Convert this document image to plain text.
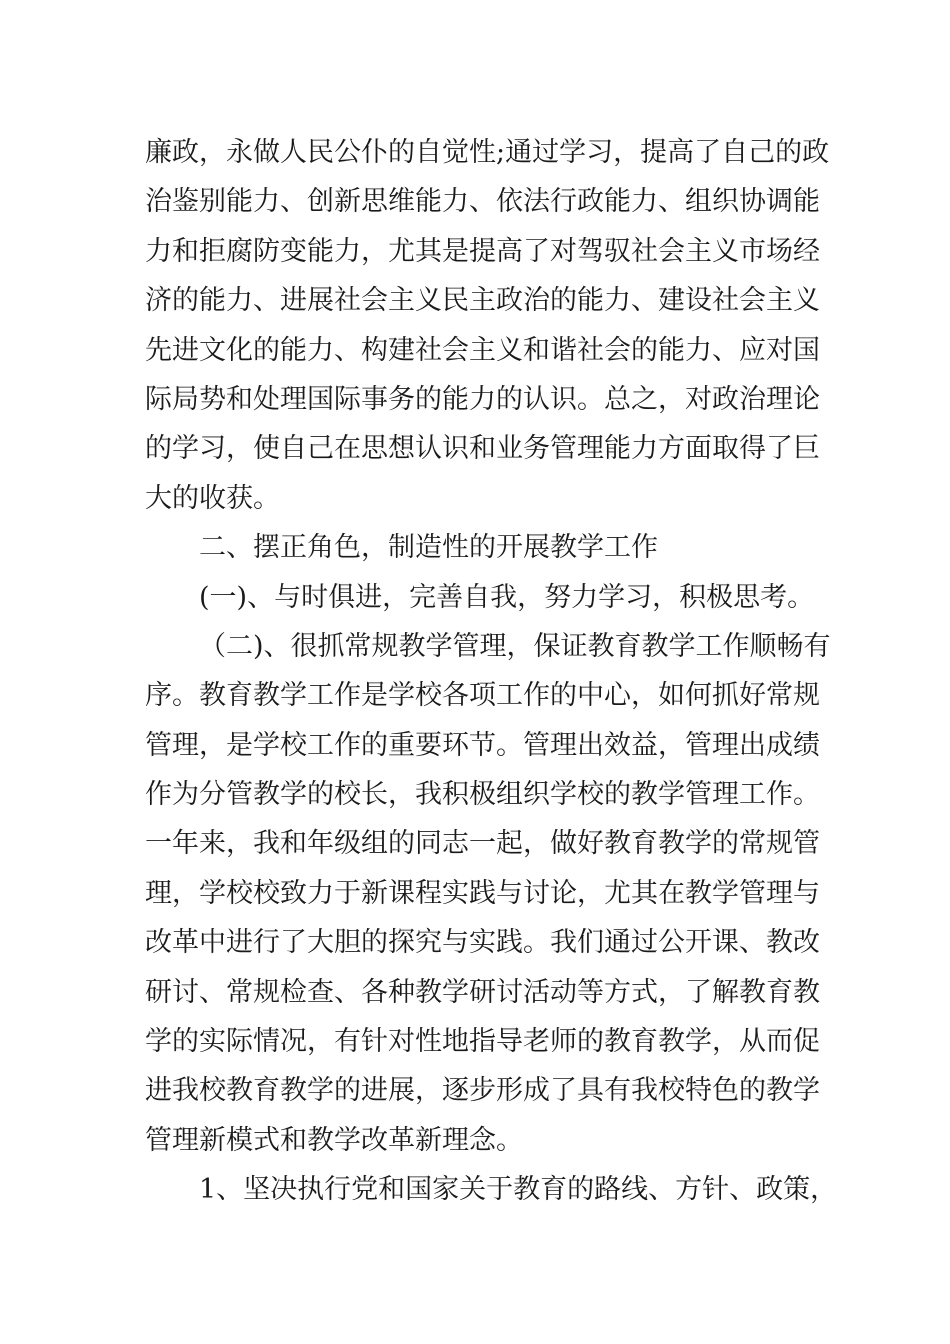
廉政，永做人民公仆的自觉性;通过学习，提高了自己的政
治鉴别能力、创新思维能力、依法行政能力、组织协调能
力和拒腐防变能力，尤其是提高了对驾驭社会主义市场经
济的能力、进展社会主义民主政治的能力、建设社会主义
先进文化的能力、构建社会主义和谐社会的能力、应对国
际局势和处理国际事务的能力的认识。总之，对政治理论
的学习，使自己在思想认识和业务管理能力方面取得了巨
大的收获。
二、摆正角色，制造性的开展教学工作
(一)、与时俱进，完善自我，努力学习，积极思考。
（二)、很抓常规教学管理，保证教育教学工作顺畅有
序。教育教学工作是学校各项工作的中心，如何抓好常规
管理，是学校工作的重要环节。管理出效益，管理出成绩
作为分管教学的校长，我积极组织学校的教学管理工作。
一年来，我和年级组的同志一起，做好教育教学的常规管
理，学校校致力于新课程实践与讨论，尤其在教学管理与
改革中进行了大胆的探究与实践。我们通过公开课、教改
研讨、常规检查、各种教学研讨活动等方式，了解教育教
学的实际情况，有针对性地指导老师的教育教学，从而促
进我校教育教学的进展，逐步形成了具有我校特色的教学
管理新模式和教学改革新理念。
1、坚决执行党和国家关于教育的路线、方针、政策，
